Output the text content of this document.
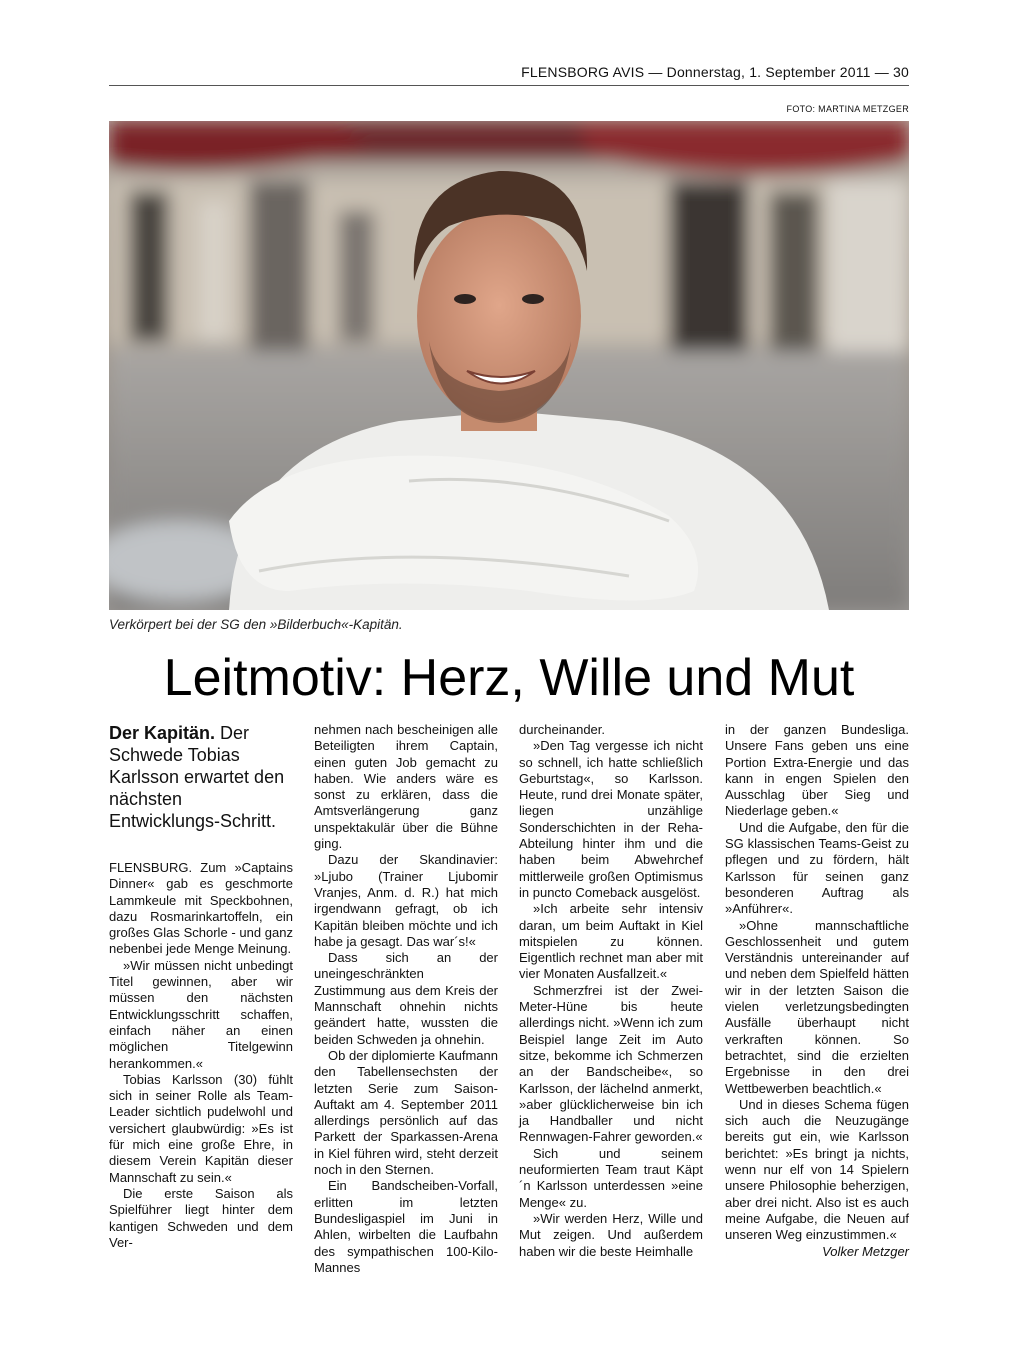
FLENSBORG AVIS — Donnerstag, 1. September 2011 — 30
FOTO: MARTINA METZGER
Verkörpert bei der SG den »Bilderbuch«-Kapitän.
Leitmotiv: Herz, Wille und Mut
Der Kapitän. Der Schwede Tobias Karlsson erwartet den nächsten Entwicklungs-Schritt.

FLENSBURG. Zum »Captains Dinner« gab es geschmorte Lammkeule mit Speckbohnen, dazu Rosmarinkartoffeln, ein großes Glas Schorle - und ganz nebenbei jede Menge Meinung.

»Wir müssen nicht unbedingt Titel gewinnen, aber wir müssen den nächsten Entwicklungsschritt schaffen, einfach näher an einen möglichen Titelgewinn herankommen.«

Tobias Karlsson (30) fühlt sich in seiner Rolle als Team-Leader sichtlich pudelwohl und versichert glaubwürdig: »Es ist für mich eine große Ehre, in diesem Verein Kapitän dieser Mannschaft zu sein.«

Die erste Saison als Spielführer liegt hinter dem kantigen Schweden und dem Ver-

nehmen nach bescheinigen alle Beteiligten ihrem Captain, einen guten Job gemacht zu haben. Wie anders wäre es sonst zu erklären, dass die Amtsverlängerung ganz unspektakulär über die Bühne ging.

Dazu der Skandinavier: »Ljubo (Trainer Ljubomir Vranjes, Anm. d. R.) hat mich irgendwann gefragt, ob ich Kapitän bleiben möchte und ich habe ja gesagt. Das war´s!«

Dass sich an der uneingeschränkten Zustimmung aus dem Kreis der Mannschaft ohnehin nichts geändert hatte, wussten die beiden Schweden ja ohnehin.

Ob der diplomierte Kaufmann den Tabellensechsten der letzten Serie zum Saison-Auftakt am 4. September 2011 allerdings persönlich auf das Parkett der Sparkassen-Arena in Kiel führen wird, steht derzeit noch in den Sternen.

Ein Bandscheiben-Vorfall, erlitten im letzten Bundesligaspiel im Juni in Ahlen, wirbelten die Laufbahn des sympathischen 100-Kilo-Mannes

durcheinander.

»Den Tag vergesse ich nicht so schnell, ich hatte schließlich Geburtstag«, so Karlsson. Heute, rund drei Monate später, liegen unzählige Sonderschichten in der Reha-Abteilung hinter ihm und die haben beim Abwehrchef mittlerweile großen Optimismus in puncto Comeback ausgelöst.

»Ich arbeite sehr intensiv daran, um beim Auftakt in Kiel mitspielen zu können. Eigentlich rechnet man aber mit vier Monaten Ausfallzeit.«

Schmerzfrei ist der Zwei-Meter-Hüne bis heute allerdings nicht. »Wenn ich zum Beispiel lange Zeit im Auto sitze, bekomme ich Schmerzen an der Bandscheibe«, so Karlsson, der lächelnd anmerkt, »aber glücklicherweise bin ich ja Handballer und nicht Rennwagen-Fahrer geworden.«

Sich und seinem neuformierten Team traut Käpt´n Karlsson unterdessen »eine Menge« zu.

»Wir werden Herz, Wille und Mut zeigen. Und außerdem haben wir die beste Heimhalle

in der ganzen Bundesliga. Unsere Fans geben uns eine Portion Extra-Energie und das kann in engen Spielen den Ausschlag über Sieg und Niederlage geben.«

Und die Aufgabe, den für die SG klassischen Teams-Geist zu pflegen und zu fördern, hält Karlsson für seinen ganz besonderen Auftrag als »Anführer«.

»Ohne mannschaftliche Geschlossenheit und gutem Verständnis untereinander auf und neben dem Spielfeld hätten wir in der letzten Saison die vielen verletzungsbedingten Ausfälle überhaupt nicht verkraften können. So betrachtet, sind die erzielten Ergebnisse in den drei Wettbewerben beachtlich.«

Und in dieses Schema fügen sich auch die Neuzugänge bereits gut ein, wie Karlsson berichtet: »Es bringt ja nichts, wenn nur elf von 14 Spielern unsere Philosophie beherzigen, aber drei nicht. Also ist es auch meine Aufgabe, die Neuen auf unseren Weg einzustimmen.«

Volker Metzger
